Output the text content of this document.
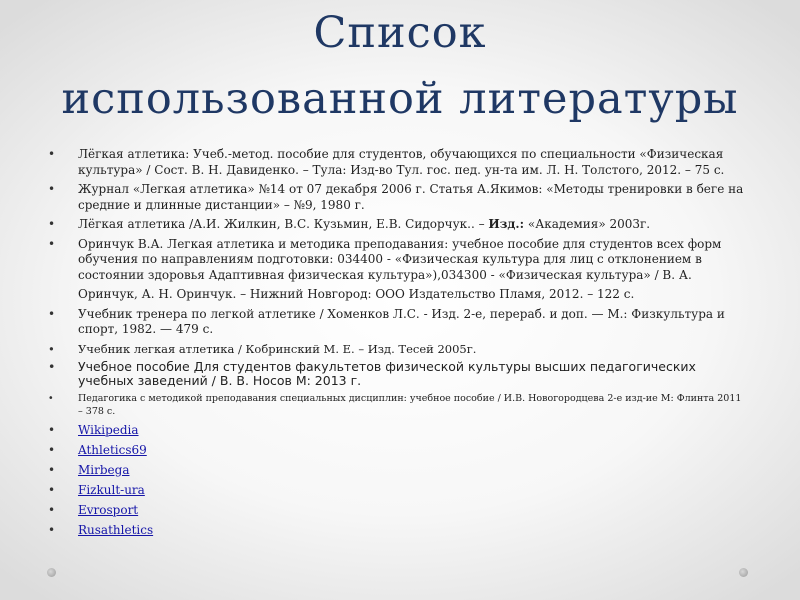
Список
использованной литературы
• Лёгкая атлетика: Учеб.-метод. пособие для студентов, обучающихся по специальности «Физическая культура» / Сост. В. Н. Давиденко. – Тула: Изд-во Тул. гос. пед. ун-та им. Л. Н. Толстого, 2012. – 75 с.
• Журнал «Легкая атлетика» №14 от 07 декабря 2006 г. Статья А.Якимов: «Методы тренировки в беге на средние и длинные дистанции» – №9, 1980 г.
• Лёгкая атлетика /А.И. Жилкин, В.С. Кузьмин, Е.В. Сидорчук.. – Изд.: «Академия» 2003г.
• Оринчук В.А. Легкая атлетика и методика преподавания: учебное пособие для студентов всех форм обучения по направлениям подготовки: 034400 - «Физическая культура для лиц с отклонением в состоянии здоровья Адаптивная физическая культура»),034300 - «Физическая культура» / В. А.
Оринчук, А. Н. Оринчук. – Нижний Новгород: ООО Издательство Пламя, 2012. – 122 с.
• Учебник тренера по легкой атлетике / Хоменков Л.С. - Изд. 2-е, перераб. и доп. — М.: Физкультура и спорт, 1982. — 479 с.
• Учебник легкая атлетика / Кобринский М. Е. – Изд. Тесей 2005г.
• Учебное пособие Для студентов факультетов физической культуры высших педагогических учебных заведений / В. В. Носов М: 2013 г.
•	Педагогика с методикой преподавания специальных дисциплин: учебное пособие / И.В. Новогородцева 2-е изд-ие М: Флинта 2011 – 378 с.
• Wikipedia
• Athletics69
• Mirbega
• Fizkult-ura
• Evrosport
• Rusathletics
